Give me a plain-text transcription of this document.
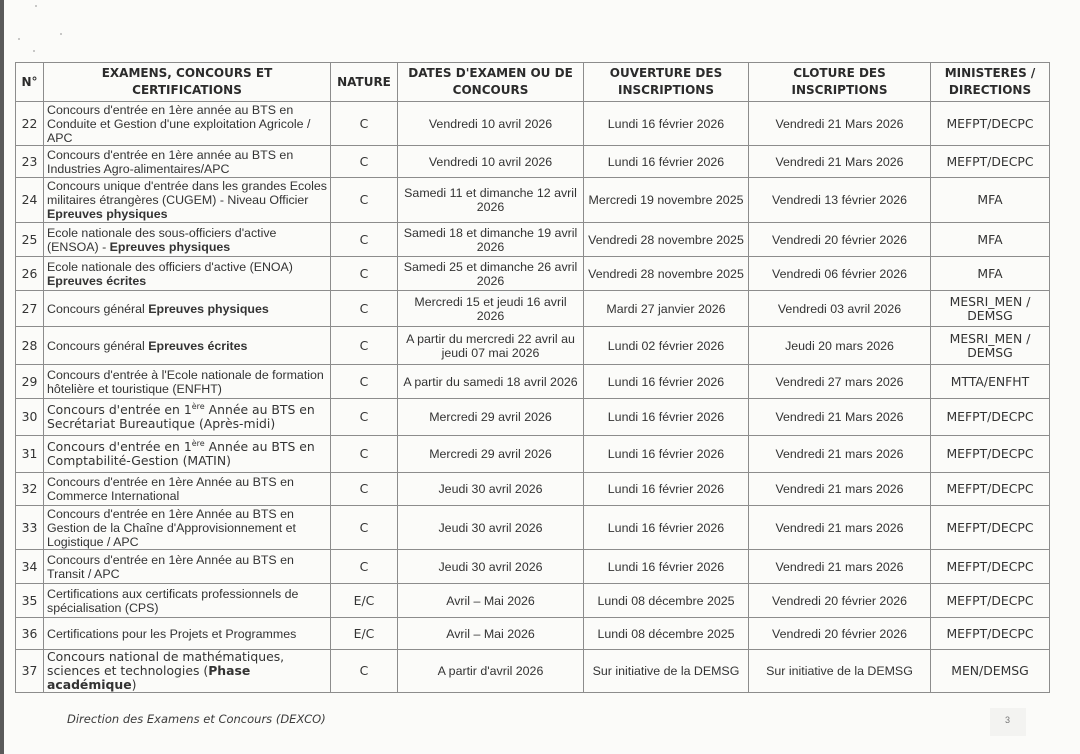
N°	EXAMENS, CONCOURS ET CERTIFICATIONS	NATURE	DATES D'EXAMEN OU DE CONCOURS	OUVERTURE DES INSCRIPTIONS	CLOTURE DES INSCRIPTIONS	MINISTERES / DIRECTIONS
22	Concours d'entrée en 1ère année au BTS en Conduite et Gestion d'une exploitation Agricole / APC	C	Vendredi 10 avril 2026	Lundi 16 février 2026	Vendredi 21 Mars 2026	MEFPT/DECPC
23	Concours d'entrée en 1ère année au BTS en Industries Agro-alimentaires/APC	C	Vendredi 10 avril 2026	Lundi 16 février 2026	Vendredi 21 Mars 2026	MEFPT/DECPC
24	Concours unique d'entrée dans les grandes Ecoles militaires étrangères (CUGEM) - Niveau Officier Epreuves physiques	C	Samedi 11 et dimanche 12 avril 2026	Mercredi 19 novembre 2025	Vendredi 13 février 2026	MFA
25	Ecole nationale des sous-officiers d'active (ENSOA) - Epreuves physiques	C	Samedi 18 et dimanche 19 avril 2026	Vendredi 28 novembre 2025	Vendredi 20 février 2026	MFA
26	Ecole nationale des officiers d'active (ENOA) Epreuves écrites	C	Samedi 25 et dimanche 26 avril 2026	Vendredi 28 novembre 2025	Vendredi 06 février 2026	MFA
27	Concours général Epreuves physiques	C	Mercredi 15 et jeudi 16 avril 2026	Mardi 27 janvier 2026	Vendredi 03 avril 2026	MESRI_MEN / DEMSG
28	Concours général Epreuves écrites	C	A partir du mercredi 22 avril au jeudi 07 mai 2026	Lundi 02 février 2026	Jeudi 20 mars 2026	MESRI_MEN / DEMSG
29	Concours d'entrée à l'Ecole nationale de formation hôtelière et touristique (ENFHT)	C	A partir du samedi 18 avril 2026	Lundi 16 février 2026	Vendredi 27 mars 2026	MTTA/ENFHT
30	Concours d'entrée en 1ère Année au BTS en Secrétariat Bureautique (Après-midi)	C	Mercredi 29 avril 2026	Lundi 16 février 2026	Vendredi 21 Mars 2026	MEFPT/DECPC
31	Concours d'entrée en 1ère Année au BTS en Comptabilité-Gestion (MATIN)	C	Mercredi 29 avril 2026	Lundi 16 février 2026	Vendredi 21 mars 2026	MEFPT/DECPC
32	Concours d'entrée en 1ère Année au BTS en Commerce International	C	Jeudi 30 avril 2026	Lundi 16 février 2026	Vendredi 21 mars 2026	MEFPT/DECPC
33	Concours d'entrée en 1ère Année au BTS en Gestion de la Chaîne d'Approvisionnement et Logistique / APC	C	Jeudi 30 avril 2026	Lundi 16 février 2026	Vendredi 21 mars 2026	MEFPT/DECPC
34	Concours d'entrée en 1ère Année au BTS en Transit / APC	C	Jeudi 30 avril 2026	Lundi 16 février 2026	Vendredi 21 mars 2026	MEFPT/DECPC
35	Certifications aux certificats professionnels de spécialisation (CPS)	E/C	Avril – Mai 2026	Lundi 08 décembre 2025	Vendredi 20 février 2026	MEFPT/DECPC
36	Certifications pour les Projets et Programmes	E/C	Avril – Mai 2026	Lundi 08 décembre 2025	Vendredi 20 février 2026	MEFPT/DECPC
37	Concours national de mathématiques, sciences et technologies (Phase académique)	C	A partir d'avril 2026	Sur initiative de la DEMSG	Sur initiative de la DEMSG	MEN/DEMSG
Direction des Examens et Concours (DEXCO)	3
